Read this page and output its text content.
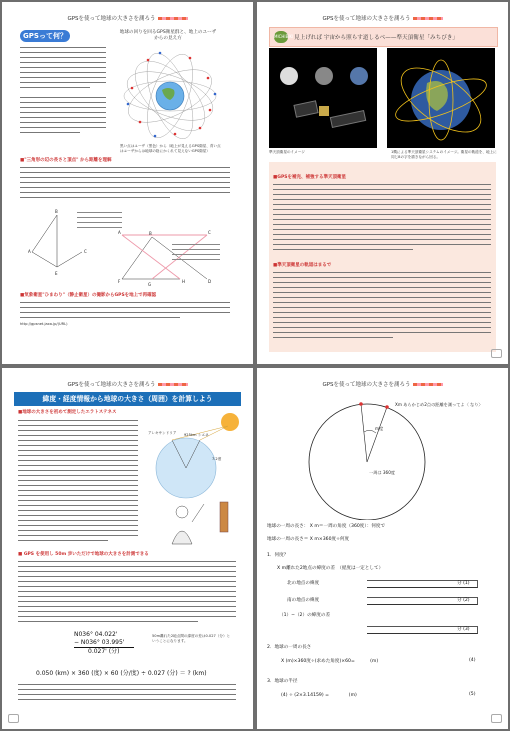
GPSを使って地球の大きさを測ろう
GPSって何？	地球の回りを回るGPS衛星群と、地上のユーザからの見え方
黒い点はユーザ（黒色）から（地上が見えるGPS衛星、青い点はユーザからは地球の陰にかくれて見えないGPS衛星）
■"三角形の辺の長さと頂点" から距離を理解
A
B
C
E
A	C
B
F
G
H	D
■気象衛星"ひまわり"（静止衛星）の撮影からGPSを地上で再確認
http://gpsnet.jaxa.jp/(URL)
GPSを使って地球の大きさを測ろう
MICHIBIKI 見上げれば 宇宙から照らす道しるべ——準天頂衛星「みちびき」
準天頂衛星のイメージ	1機による準天頂衛星システムのイメージ。衛星の軌道を、地上に同じ8の字を描きながら回る。
■GPSを補完、補強する準天頂衛星
■準天頂衛星の軌道はまるで
GPSを使って地球の大きさを測ろう
緯度・経度情報から地球の大きさ（周囲）を計算しよう
■地球の大きさを初めて測定したエラトステネス
アレキサンドリア	シエネ
7.2度
925km
■ GPS を使用し 50m 歩いただけで地球の大きさを計測できる
N036° 04.022'
− N036° 03.995'
0.027' (分)
50m離れた2地点間の緯度の差は0.027（分）ということになります。
0.050 (km) × 360 (度) × 60 (分/度) ÷ 0.027 (分) ＝ ? (km)
GPSを使って地球の大きさを測ろう
Xm あらかじめ2点の距離を測ってよ〈 なり〉
m度
一周は 360度
地球の一周の長さ： X m＝一周の角度（360度）：何度で
地球の一周の長さ＝ X m×360度÷何度
1．何度？
X m離れた2地点の緯度の差　（経度は一定として）
北の地点の緯度	分 (1)
南の地点の緯度	分 (2)
（1）−（2）の緯度の差
分 (3)
2．地球の一周の長さ
X (m)×360度÷(求めた角度)×60= 　　　(m)	(4)
3．地球の半径
(4) ÷ (2×3.14159) = 　　　　(m)	(5)
